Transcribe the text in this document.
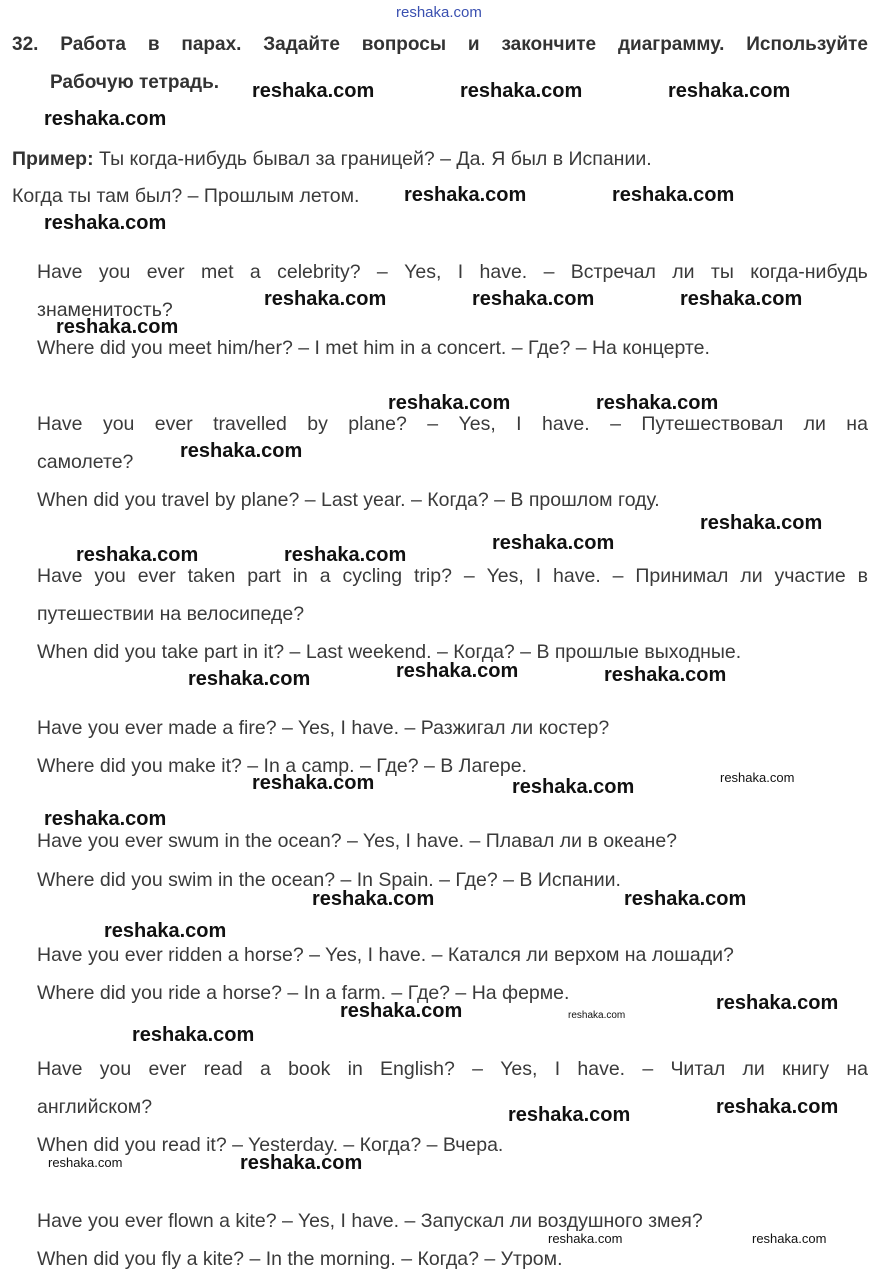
reshaka.com
32. Работа в парах. Задайте вопросы и закончите диаграмму. Используйте
Рабочую тетрадь.
Пример: Ты когда-нибудь бывал за границей? – Да. Я был в Испании.
Когда ты там был? – Прошлым летом.
Have you ever met a celebrity? – Yes, I have. – Встречал ли ты когда-нибудь
знаменитость?
Where did you meet him/her? – I met him in a concert. – Где? – На концерте.
Have you ever travelled by plane? – Yes, I have. – Путешествовал ли на
самолете?
When did you travel by plane? – Last year. – Когда? – В прошлом году.
Have you ever taken part in a cycling trip? – Yes, I have. – Принимал ли участие в
путешествии на велосипеде?
When did you take part in it? – Last weekend. – Когда? – В прошлые выходные.
Have you ever made a fire? – Yes, I have. – Разжигал ли костер?
Where did you make it? – In a camp. – Где? – В Лагере.
Have you ever swum in the ocean? – Yes, I have. – Плавал ли в океане?
Where did you swim in the ocean? – In Spain. – Где? – В Испании.
Have you ever ridden a horse? – Yes, I have. – Катался ли верхом на лошади?
Where did you ride a horse? – In a farm. – Где? – На ферме.
Have you ever read a book in English? – Yes, I have. – Читал ли книгу на
английском?
When did you read it? – Yesterday. – Когда? – Вчера.
Have you ever flown a kite? – Yes, I have. – Запускал ли воздушного змея?
When did you fly a kite? – In the morning. – Когда? – Утром.
reshaka.com	reshaka.com	reshaka.com
reshaka.com
reshaka.com	reshaka.com
reshaka.com
reshaka.com	reshaka.com	reshaka.com
reshaka.com
reshaka.com	reshaka.com
reshaka.com
reshaka.com
reshaka.com
reshaka.com	reshaka.com
reshaka.com	reshaka.com
reshaka.com
reshaka.com
reshaka.com	reshaka.com
reshaka.com
reshaka.com	reshaka.com
reshaka.com
reshaka.com
reshaka.com	reshaka.com
reshaka.com
reshaka.com
reshaka.com
reshaka.com	reshaka.com
reshaka.com	reshaka.com
